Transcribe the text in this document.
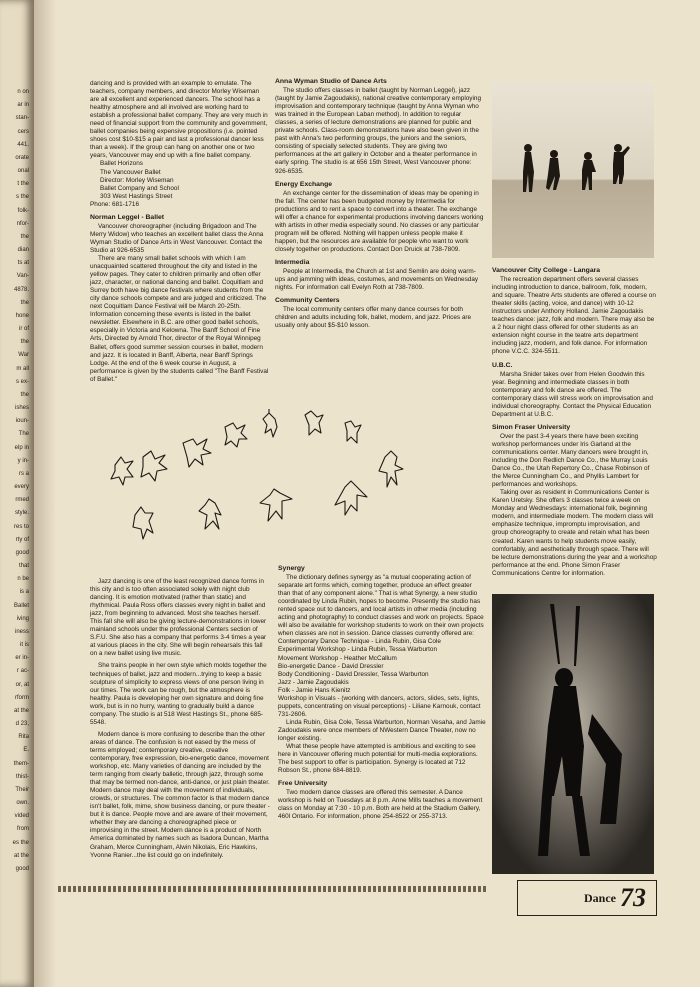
n on
ar in
stan-
cers
441.
orate
onal
t the
s the
folk-
nfor-
the
dian
ts at
Van-
4878.
the
hone
ir of
the
War
m all
s ex-
the
ishes
ioun-
The
elp in
y in-
rs a
every
rmed
style.
res to
rty of
good
that
n be
is a
Ballet
iving
iness
it is
er in-
r ac-
or, at
rform
at the
d 23,
Rita
E.
them-
thist-
Their
own.
vided
from
es the
at the
good

dancing and is provided with an example to emulate. The teachers, company members, and director Morley Wiseman are all excellent and experienced dancers. The school has a healthy atmosphere and all involved are working hard to establish a professional ballet company. They are very much in need of financial support from the community and government, ballet companies being expensive propositions (i.e. pointed shoes cost $10-$15 a pair and last a professional dancer less than a week). If the group can hang on another one or two years, Vancouver may end up with a fine ballet company.

Ballet Horizons
The Vancouver Ballet
Director: Morley Wiseman
Ballet Company and School
303 West Hastings Street
Phone: 681-1716
Norman Leggel - Ballet

Vancouver choreographer (including Brigadoon and The Merry Widow) who teaches an excellent ballet class the Anna Wyman Studio of Dance Arts in West Vancouver. Contact the Studio at 926-6535

There are many small ballet schools with which I am unacquainted scattered throughout the city and listed in the yellow pages. They cater to children primarily and often offer jazz, character, or national dancing and ballet. Coquitlam and Surrey both have big dance festivals where students from the city dance schools compete and are judged and criticized. The next Coquitlam Dance Festival will be March 20-25th. Information concerning these events is listed in the ballet newsletter. Elsewhere in B.C. are other good ballet schools, especially in Victoria and Kelowna. The Banff School of Fine Arts, Directed by Arnold Thor, director of the Royal Winnipeg Ballet, offers good summer session courses in ballet, modern and jazz. It is located in Banff, Alberta, near Banff Springs Lodge. At the end of the 6 week course in August, a performance is given by the students called "The Banff Festival of Ballet."

Anna Wyman Studio of Dance Arts

The studio offers classes in ballet (taught by Norman Leggel), jazz (taught by Jamie Zagoudakis), national creative contemporary employing improvisation and contemporary technique (taught by Anna Wyman who was trained in the European Laban method). In addition to regular classes, a series of lecture demonstrations are planned for public and private schools. Class-room demonstrations have also been given in the past with Anna's two performing groups, the juniors and the seniors, consisting of specially selected students. They are giving two performances at the art gallery in October and a theater performance in early spring. The studio is at 656 15th Street, West Vancouver phone: 926-6535.

Energy Exchange

An exchange center for the dissemination of ideas may be opening in the fall. The center has been budgeted money by Intermedia for productions and to rent a space to convert into a theater. The exchange will offer a chance for experimental productions involving dancers working with artists in other media especially sound. No classes or any particular program will be offered. Nothing will happen unless people make it happen, but the resources are available for people who want to work closely together on productions. Contact Don Druick at 738-7809.

Intermedia

People at Intermedia, the Church at 1st and Semlin are doing warm-ups and jamming with ideas, costumes, and movements on Wednesday nights. For information call Evelyn Roth at 738-7809.

Community Centers

The local community centers offer many dance courses for both children and adults including folk, ballet, modern, and jazz. Prices are usually only about $5-$10 lesson.

Vancouver City College - Langara

The recreation department offers several classes including introduction to dance, ballroom, folk, modern, and square. Theatre Arts students are offered a course on theater skills (acting, voice, and dance) with 10-12 instructors under Anthony Holland. Jamie Zagoudakis teaches dance: jazz, folk and modern. There may also be a 2 hour night class offered for other students as an extension night course in the teatre arts department including jazz, modern, and folk dance. For information phone V.C.C. 324-5511.

U.B.C.

Marsha Snider takes over from Helen Goodwin this year. Beginning and intermediate classes in both contemporary and folk dance are offered. The contemporary class will stress work on improvisation and individual choreography. Contact the Physical Education Department at U.B.C.

Simon Fraser University

Over the past 3-4 years there have been exciting workshop performances under Iris Garland at the communications center. Many dancers were brought in, including the Don Redlich Dance Co., the Murray Louis Dance Co., the Utah Repertory Co., Chase Robinson of the Merce Cunningham Co., and Phyllis Lambert for performances and workshops.

Taking over as resident in Communications Center is Karen Uretsky. She offers 3 classes twice a week on Monday and Wednesdays: international folk, beginning modern, and intermediate modern. The modern class will emphasize technique, impromptu improvisation, and group choreography to create and retain what has been created. Karen wants to help students move easily, comfortably, and aesthetically through space. There will be lecture demonstrations during the year and a workshop performance at the end. Phone Simon Fraser Communications Centre for information.

Jazz dancing is one of the least recognized dance forms in this city and is too often associated solely with night club dancing. It is emotion motivated (rather than static) and rhythmical. Paula Ross offers classes every night in ballet and jazz, from beginning to advanced. Most she teaches herself. This fall she will also be giving lecture-demonstrations in lower mainland schools under the professional Centers section of S.F.U. She also has a company that performs 3-4 times a year at various places in the city. She will begin rehearsals this fall on a new ballet using live music.

She trains people in her own style which molds together the techniques of ballet, jazz and modern...trying to keep a basic sculpture of simplicity to express views of one person living in our times. The work can be rough, but the atmosphere is healthy. Paula is developing her own signature and doing fine work, but is in no hurry, wanting to gradually build a dance company. The studio is at 518 West Hastings St., phone 685-5548.

Modern dance is more confusing to describe than the other areas of dance. The confusion is not eased by the mess of terms employed; contemporary creative, creative contemporary, free expression, bio-energetic dance, movement workshop, etc. Many varieties of dancing are included by the term ranging from clearly balletic, through jazz, through some that may be termed non-dance, anti-dance, or just plain theater. Modern dance may deal with the movement of individuals, crowds, or structures. The common factor is that modern dance isn't ballet, folk, mime, show business dancing, or pure theater - but it is dance. People move and are aware of their movement, whether they are dancing a choreographed piece or improvising in the street. Modern dance is a product of North America dominated by names such as Isadora Duncan, Martha Graham, Merce Cunningham, Alwin Nikolais, Eric Hawkins, Yvonne Ranier...the list could go on indefinitely.

Synergy

The dictionary defines synergy as "a mutual cooperating action of separate art forms which, coming together, produce an effect greater than that of any component alone." That is what Synergy, a new studio coordinated by Linda Rubin, hopes to become. Presently the studio has rented space out to dancers, and local artists in other media (including acting and photography) to conduct classes and work on projects. Space will also be available for workshop students to work on their own projects when classes are not in session. Dance classes currently offered are:

Contemporary Dance Technique - Linda Rubin, Gisa Cole
Experimental Workshop - Linda Rubin, Tessa Warburton
Movement Workshop - Heather McCallum
Bio-energetic Dance - David Dressler
Body Conditioning - David Dressler, Tessa Warburton
Jazz - Jamie Zagoudakis
Folk - Jamie Hans Kienitz
Workshop in Visuals - (working with dancers, actors, slides, sets, lights, puppets, concentrating on visual perceptions) - Liliane Karnouk, contact 731-2606.

Linda Rubin, Gisa Cole, Tessa Warburton, Norman Vesaha, and Jamie Zadoudakis were once members of NWestern Dance Theater, now no longer existing.

What these people have attempted is ambitious and exciting to see here in Vancouver offering much potential for multi-media explorations. The best support to offer is participation. Synergy is located at 712 Robson St., phone 684-8819.

Free University

Two modern dance classes are offered this semester. A Dance workshop is held on Tuesdays at 8 p.m. Anne Mills teaches a movement class on Monday at 7:30 - 10 p.m. Both are held at the Stadium Gallery, 460l Ontario. For information, phone 254-8522 or 255-3713.

Dance 73
